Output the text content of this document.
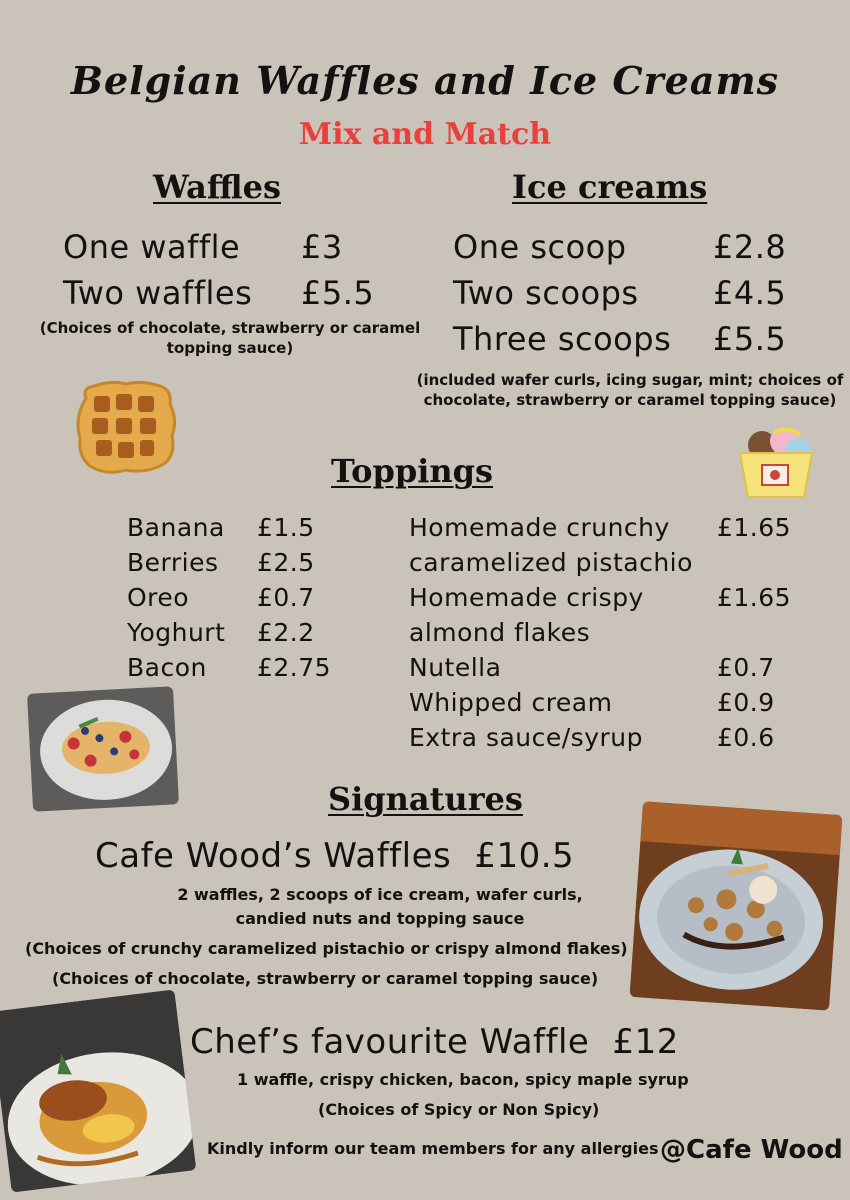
Belgian Waffles and Ice Creams
Mix and Match
Waffles
One waffle	£3
Two waffles	£5.5
(Choices of chocolate, strawberry or caramel
topping sauce)
Ice creams
One scoop	£2.8
Two scoops	£4.5
Three scoops	£5.5
(included wafer curls, icing sugar, mint; choices of
chocolate, strawberry or caramel topping sauce)
Toppings
Banana	£1.5
Berries	£2.5
Oreo	£0.7
Yoghurt	£2.2
Bacon	£2.75
Homemade crunchy	£1.65
caramelized pistachio
Homemade crispy	£1.65
almond flakes
Nutella	£0.7
Whipped cream	£0.9
Extra sauce/syrup	£0.6
Signatures
Cafe Wood’s Waffles £10.5
2 waffles, 2 scoops of ice cream, wafer curls,
candied nuts and topping sauce
(Choices of crunchy caramelized pistachio or crispy almond flakes)
(Choices of chocolate, strawberry or caramel topping sauce)
Chef’s favourite Waffle £12
1 waffle, crispy chicken, bacon, spicy maple syrup
(Choices of Spicy or Non Spicy)
Kindly inform our team members for any allergies @Cafe Wood
